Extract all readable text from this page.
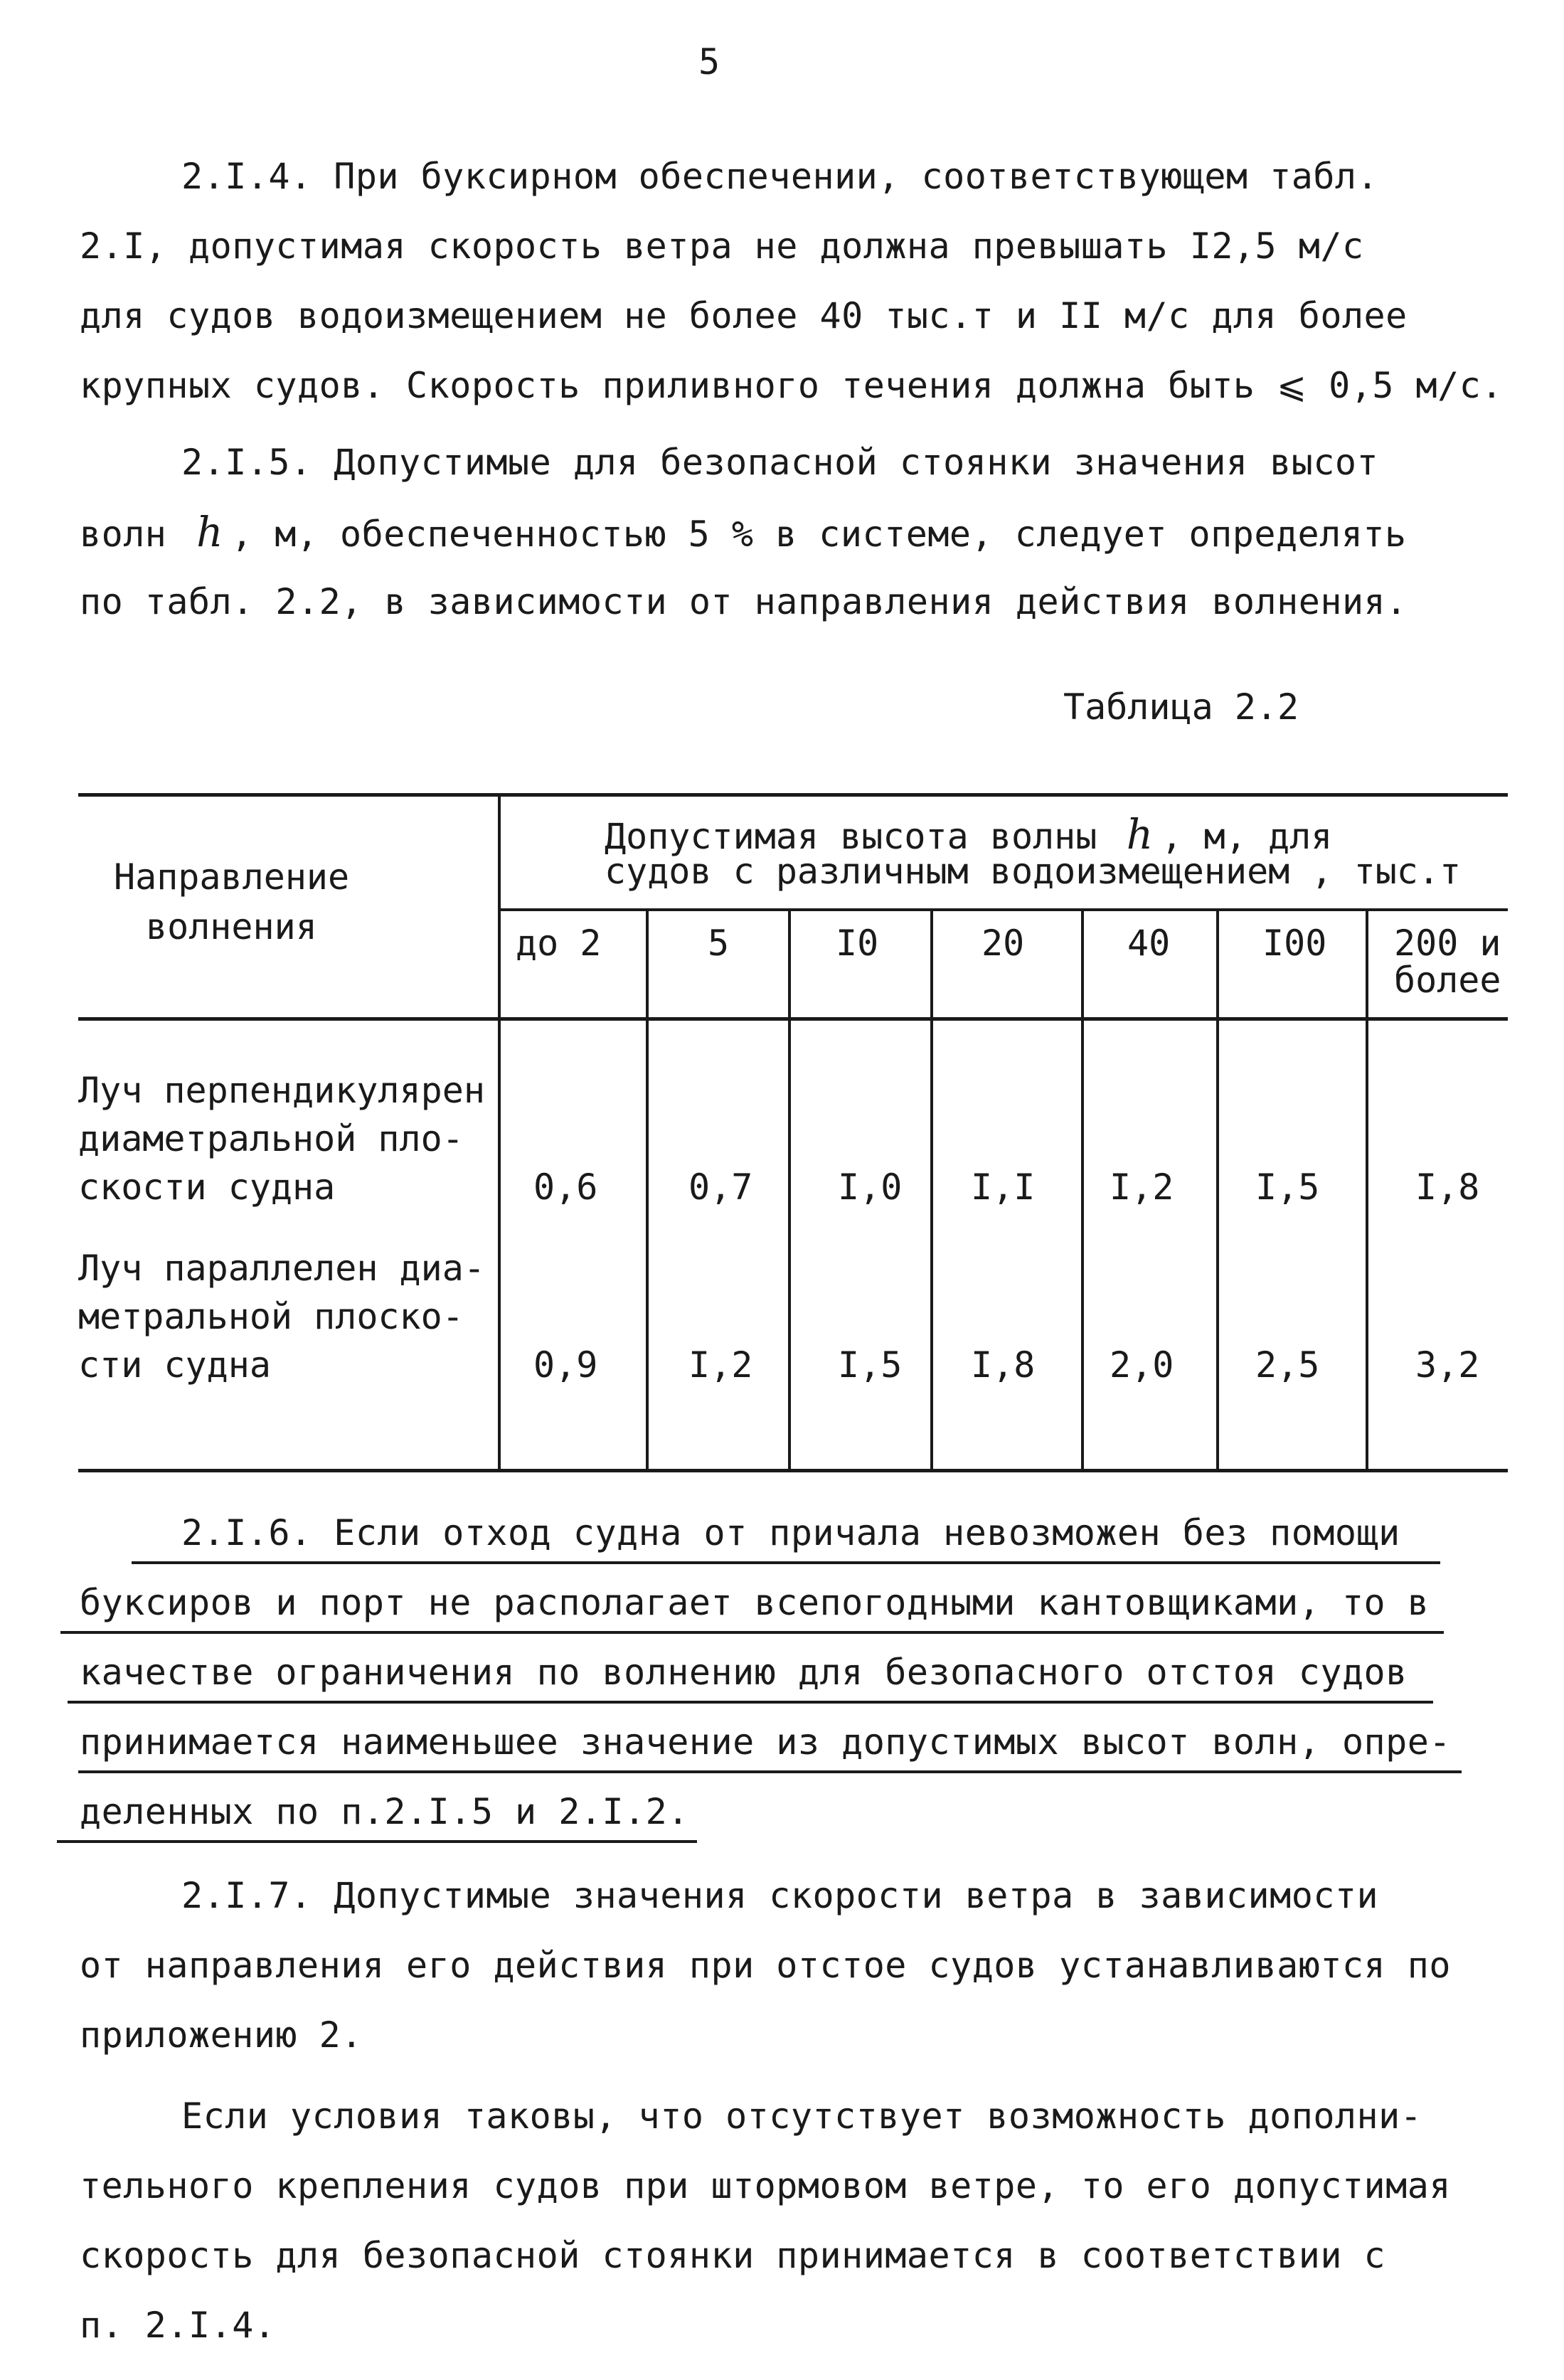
5
2.I.4. При буксирном обеспечении, соответствующем табл.
2.I, допустимая скорость ветра не должна превышать I2,5 м/с
для судов водоизмещением не более 40 тыс.т и II м/с для более
крупных судов. Скорость приливного течения должна быть ⩽ 0,5 м/с.
2.I.5. Допустимые для безопасной стоянки значения высот
волн h , м, обеспеченностью 5 % в системе, следует определять
по табл. 2.2, в зависимости от направления действия волнения.
Таблица 2.2
Направление
волнения
Допустимая высота волны h , м, для
судов с различным водоизмещением , тыс.т
до 2	5	I0	20	40	I00 200 и
более
Луч перпендикулярен
диаметральной пло-
скости судна	0,6	0,7 I,0 I,I I,2 I,5	I,8
Луч параллелен диа-
метральной плоско-
сти судна	0,9	I,2 I,5 I,8 2,0 2,5	3,2
2.I.6. Если отход судна от причала невозможен без помощи
буксиров и порт не располагает всепогодными кантовщиками, то в
качестве ограничения по волнению для безопасного отстоя судов
принимается наименьшее значение из допустимых высот волн, опре-
деленных по п.2.I.5 и 2.I.2.
2.I.7. Допустимые значения скорости ветра в зависимости
от направления его действия при отстое судов устанавливаются по
приложению 2.
Если условия таковы, что отсутствует возможность дополни-
тельного крепления судов при штормовом ветре, то его допустимая
скорость для безопасной стоянки принимается в соответствии с
п. 2.I.4.
